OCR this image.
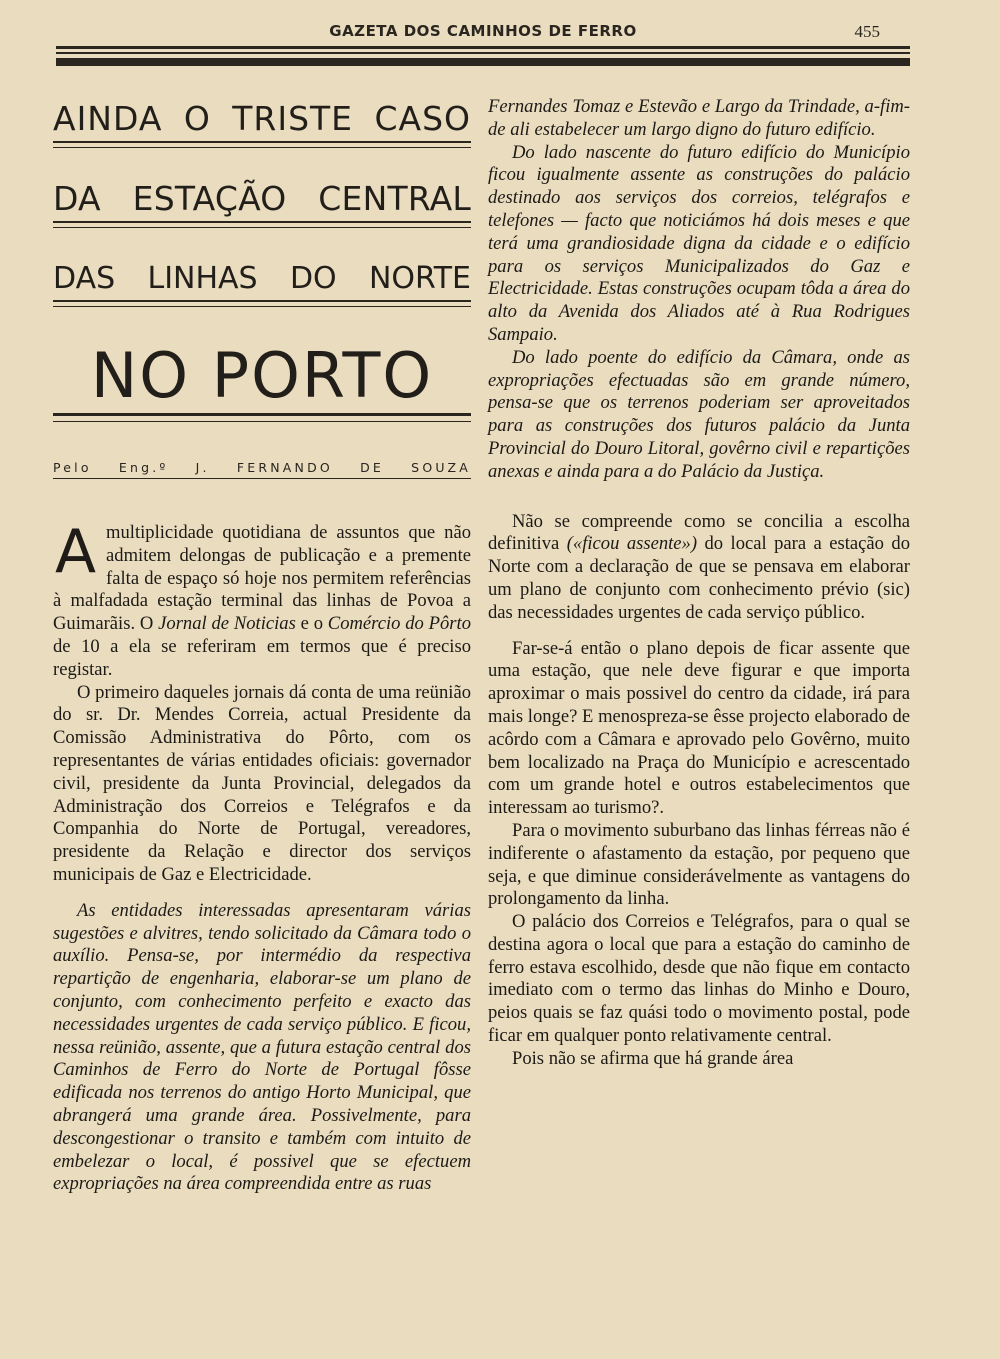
GAZETA DOS CAMINHOS DE FERRO	455
AINDA O TRISTE CASO
DA ESTAÇÃO CENTRAL
DAS LINHAS DO NORTE
NO PORTO
Pelo Eng.º J. FERNANDO DE SOUZA

Amultiplicidade quotidiana de assuntos que não admitem delongas de publicação e a premente falta de espaço só hoje nos permitem referências à malfadada estação terminal das linhas de Povoa a Guimarãis. O Jornal de Noticias e o Comércio do Pôrto de 10 a ela se referiram em termos que é preciso registar.

O primeiro daqueles jornais dá conta de uma reünião do sr. Dr. Mendes Correia, actual Presidente da Comissão Administrativa do Pôrto, com os representantes de várias entidades oficiais: governador civil, presidente da Junta Provincial, delegados da Administração dos Correios e Telégrafos e da Companhia do Norte de Portugal, vereadores, presidente da Relação e director dos serviços municipais de Gaz e Electricidade.

As entidades interessadas apresentaram várias sugestões e alvitres, tendo solicitado da Câmara todo o auxílio. Pensa-se, por intermédio da respectiva repartição de engenharia, elaborar-se um plano de conjunto, com conhecimento perfeito e exacto das necessidades urgentes de cada serviço público. E ficou, nessa reünião, assente, que a futura estação central dos Caminhos de Ferro do Norte de Portugal fôsse edificada nos terrenos do antigo Horto Municipal, que abrangerá uma grande área. Possivelmente, para descongestionar o transito e também com intuito de embelezar o local, é possivel que se efectuem expropriações na área compreendida entre as ruas

Fernandes Tomaz e Estevão e Largo da Trindade, a-fim-de ali estabelecer um largo digno do futuro edifício.

Do lado nascente do futuro edifício do Município ficou igualmente assente as construções do palácio destinado aos serviços dos correios, telégrafos e telefones — facto que noticiámos há dois meses e que terá uma grandiosidade digna da cidade e o edifício para os serviços Municipalizados do Gaz e Electricidade. Estas construções ocupam tôda a área do alto da Avenida dos Aliados até à Rua Rodrigues Sampaio.

Do lado poente do edifício da Câmara, onde as expropriações efectuadas são em grande número, pensa-se que os terrenos poderiam ser aproveitados para as construções dos futuros palácio da Junta Provincial do Douro Litoral, govêrno civil e repartições anexas e ainda para a do Palácio da Justiça.

Não se compreende como se concilia a escolha definitiva («ficou assente») do local para a estação do Norte com a declaração de que se pensava em elaborar um plano de conjunto com conhecimento prévio (sic) das necessidades urgentes de cada serviço público.

Far-se-á então o plano depois de ficar assente que uma estação, que nele deve figurar e que importa aproximar o mais possivel do centro da cidade, irá para mais longe? E menospreza-se êsse projecto elaborado de acôrdo com a Câmara e aprovado pelo Govêrno, muito bem localizado na Praça do Município e acrescentado com um grande hotel e outros estabelecimentos que interessam ao turismo?.

Para o movimento suburbano das linhas férreas não é indiferente o afastamento da estação, por pequeno que seja, e que diminue considerávelmente as vantagens do prolongamento da linha.

O palácio dos Correios e Telégrafos, para o qual se destina agora o local que para a estação do caminho de ferro estava escolhido, desde que não fique em contacto imediato com o termo das linhas do Minho e Douro, peios quais se faz quási todo o movimento postal, pode ficar em qualquer ponto relativamente central.

Pois não se afirma que há grande área
